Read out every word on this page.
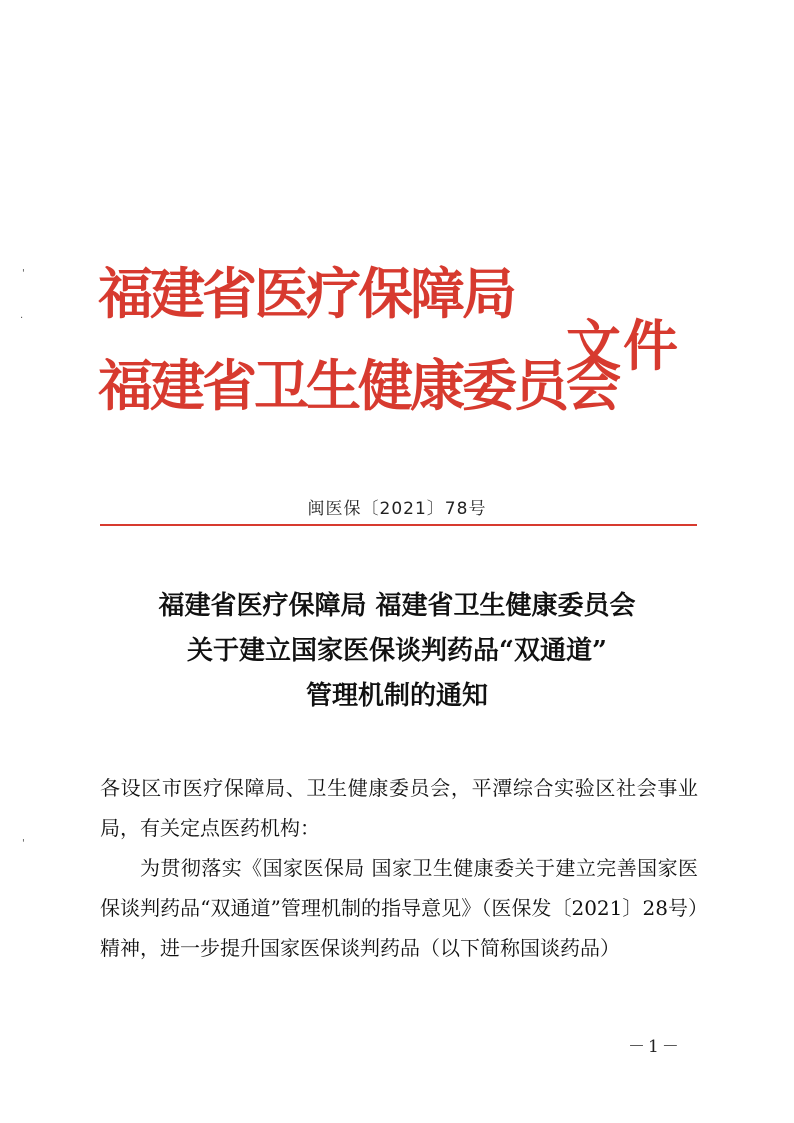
'
.
'
福建省医疗保障局
福建省卫生健康委员会
文件
闽医保〔2021〕78号
福建省医疗保障局 福建省卫生健康委员会
关于建立国家医保谈判药品“双通道”
管理机制的通知

各设区市医疗保障局、卫生健康委员会，平潭综合实验区社会事业局，有关定点医药机构：

为贯彻落实《国家医保局 国家卫生健康委关于建立完善国家医保谈判药品“双通道”管理机制的指导意见》（医保发〔2021〕28号）精神，进一步提升国家医保谈判药品（以下简称国谈药品）

－1－
